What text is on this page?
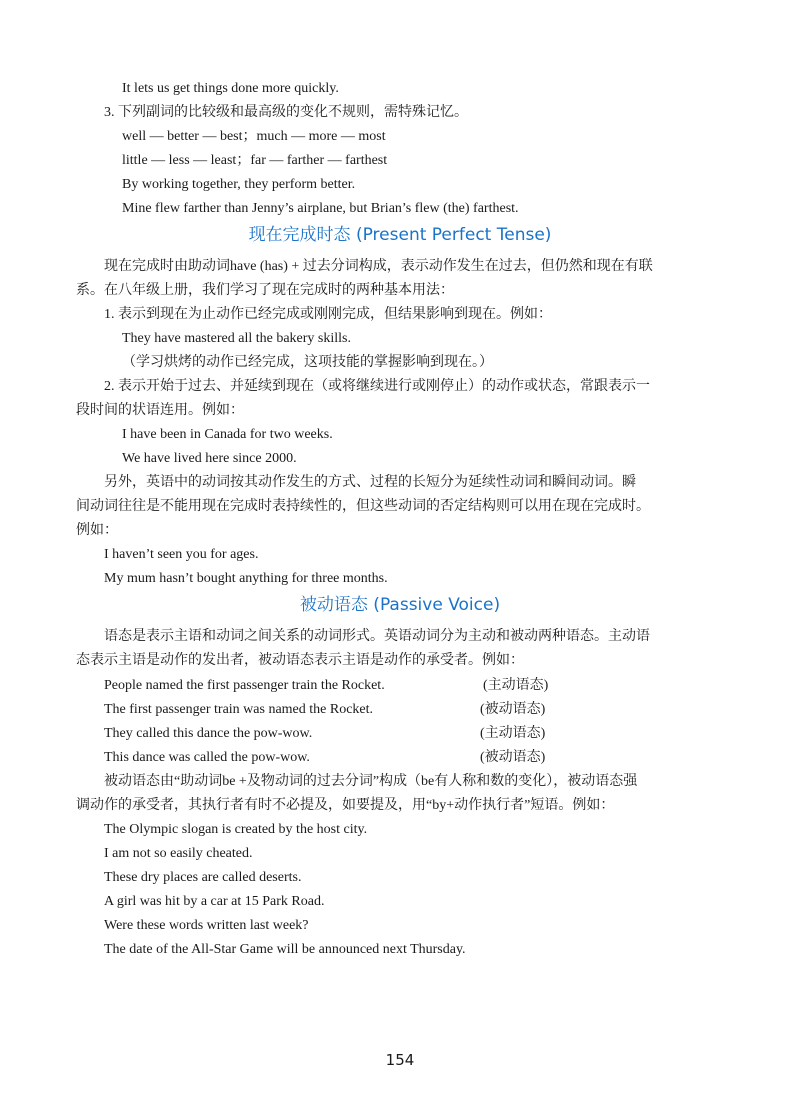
It lets us get things done more quickly.
3. 下列副词的比较级和最高级的变化不规则，需特殊记忆。
well — better — best；much — more — most
little — less — least；far — farther — farthest
By working together, they perform better.
Mine flew farther than Jenny’s airplane, but Brian’s flew (the) farthest.
现在完成时态 (Present Perfect Tense)
现在完成时由助动词have (has) + 过去分词构成，表示动作发生在过去，但仍然和现在有联
系。在八年级上册，我们学习了现在完成时的两种基本用法：
1. 表示到现在为止动作已经完成或刚刚完成，但结果影响到现在。例如：
They have mastered all the bakery skills.
（学习烘烤的动作已经完成，这项技能的掌握影响到现在。）
2. 表示开始于过去、并延续到现在（或将继续进行或刚停止）的动作或状态，常跟表示一
段时间的状语连用。例如：
I have been in Canada for two weeks.
We have lived here since 2000.
另外，英语中的动词按其动作发生的方式、过程的长短分为延续性动词和瞬间动词。瞬
间动词往往是不能用现在完成时表持续性的，但这些动词的否定结构则可以用在现在完成时。
例如：
I haven’t seen you for ages.
My mum hasn’t bought anything for three months.
被动语态 (Passive Voice)
语态是表示主语和动词之间关系的动词形式。英语动词分为主动和被动两种语态。主动语
态表示主语是动作的发出者，被动语态表示主语是动作的承受者。例如：
People named the first passenger train the Rocket.	(主动语态)
The first passenger train was named the Rocket.	(被动语态)
They called this dance the pow-wow.	(主动语态)
This dance was called the pow-wow.	(被动语态)
被动语态由“助动词be +及物动词的过去分词”构成（be有人称和数的变化），被动语态强
调动作的承受者，其执行者有时不必提及，如要提及，用“by+动作执行者”短语。例如：
The Olympic slogan is created by the host city.
I am not so easily cheated.
These dry places are called deserts.
A girl was hit by a car at 15 Park Road.
Were these words written last week?
The date of the All-Star Game will be announced next Thursday.
154
